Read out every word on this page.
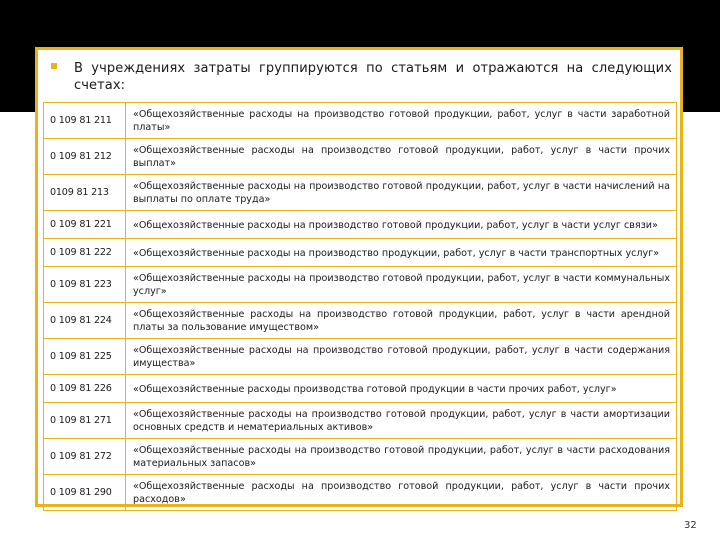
В учреждениях затраты группируются по статьям и отражаются на следующих счетах:
0 109 81 211	«Общехозяйственные расходы на производство готовой продукции, работ, услуг в части заработной платы»
0 109 81 212	«Общехозяйственные расходы на производство готовой продукции, работ, услуг в части прочих выплат»
0109 81 213	«Общехозяйственные расходы на производство готовой продукции, работ, услуг в части начислений на выплаты по оплате труда»
0 109 81 221	«Общехозяйственные расходы на производство готовой продукции, работ, услуг в части услуг связи»
0 109 81 222	«Общехозяйственные расходы на производство продукции, работ, услуг в части транспортных услуг»
0 109 81 223	«Общехозяйственные расходы на производство готовой продукции, работ, услуг в части коммунальных услуг»
0 109 81 224	«Общехозяйственные расходы на производство готовой продукции, работ, услуг в части арендной платы за пользование имуществом»
0 109 81 225	«Общехозяйственные расходы на производство готовой продукции, работ, услуг в части содержания имущества»
0 109 81 226	«Общехозяйственные расходы производства готовой продукции в части прочих работ, услуг»
0 109 81 271	«Общехозяйственные расходы на производство готовой продукции, работ, услуг в части амортизации основных средств и нематериальных активов»
0 109 81 272	«Общехозяйственные расходы на производство готовой продукции, работ, услуг в части расходования материальных запасов»
0 109 81 290	«Общехозяйственные расходы на производство готовой продукции, работ, услуг в части прочих расходов»
32
